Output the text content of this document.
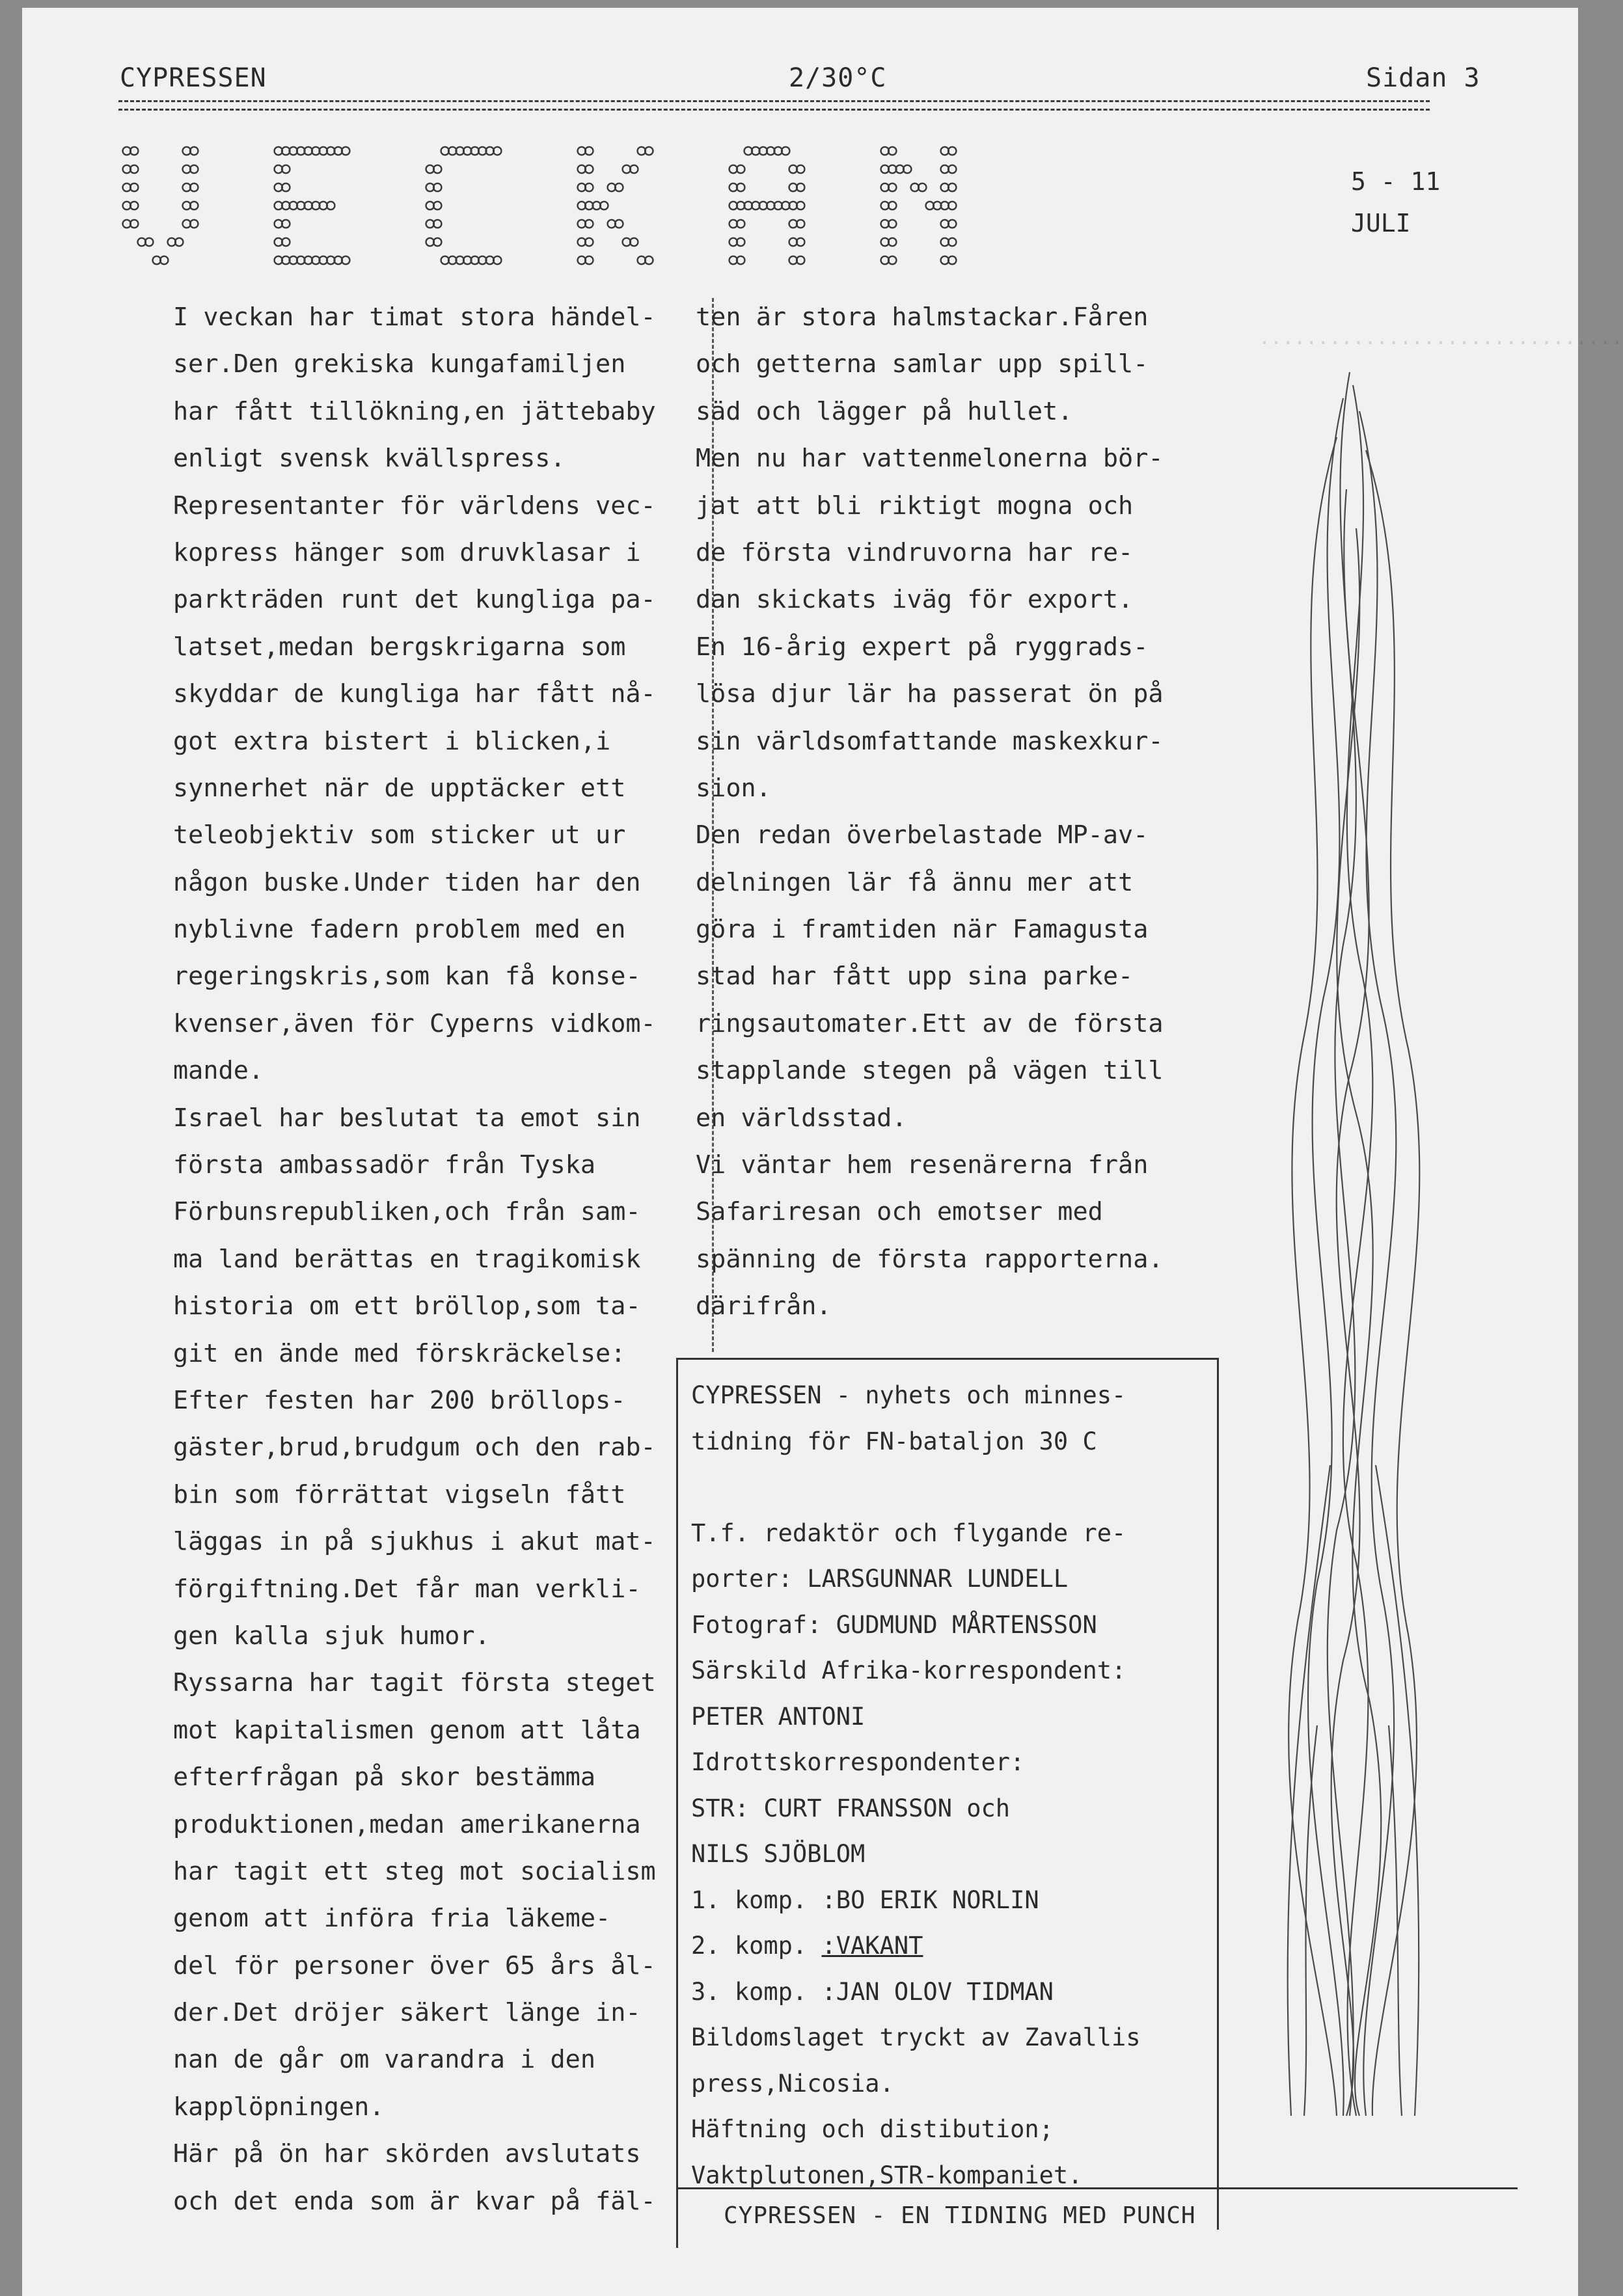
CYPRESSEN	2/30°C	Sidan 3
5 - 11
JULI
...............................

I veckan har timat stora händel-

ser.Den grekiska kungafamiljen

har fått tillökning,en jättebaby

enligt svensk kvällspress.

Representanter för världens vec-

kopress hänger som druvklasar i

parkträden runt det kungliga pa-

latset,medan bergskrigarna som

skyddar de kungliga har fått nå-

got extra bistert i blicken,i

synnerhet när de upptäcker ett

teleobjektiv som sticker ut ur

någon buske.Under tiden har den

nyblivne fadern problem med en

regeringskris,som kan få konse-

kvenser,även för Cyperns vidkom-

mande.

Israel har beslutat ta emot sin

första ambassadör från Tyska

Förbunsrepubliken,och från sam-

ma land berättas en tragikomisk

historia om ett bröllop,som ta-

git en ände med förskräckelse:

Efter festen har 200 bröllops-

gäster,brud,brudgum och den rab-

bin som förrättat vigseln fått

läggas in på sjukhus i akut mat-

förgiftning.Det får man verkli-

gen kalla sjuk humor.

Ryssarna har tagit första steget

mot kapitalismen genom att låta

efterfrågan på skor bestämma

produktionen,medan amerikanerna

har tagit ett steg mot socialism

genom att införa fria läkeme-

del för personer över 65 års ål-

der.Det dröjer säkert länge in-

nan de går om varandra i den

kapplöpningen.

Här på ön har skörden avslutats

och det enda som är kvar på fäl-

ten är stora halmstackar.Fåren

och getterna samlar upp spill-

säd och lägger på hullet.

Men nu har vattenmelonerna bör-

jat att bli riktigt mogna och

de första vindruvorna har re-

dan skickats iväg för export.

En 16-årig expert på ryggrads-

lösa djur lär ha passerat ön på

sin världsomfattande maskexkur-

sion.

Den redan överbelastade MP-av-

delningen lär få ännu mer att

göra i framtiden när Famagusta

stad har fått upp sina parke-

ringsautomater.Ett av de första

stapplande stegen på vägen till

en världsstad.

Vi väntar hem resenärerna från

Safariresan och emotser med

spänning de första rapporterna.

därifrån.

CYPRESSEN - nyhets och minnes-

tidning för FN-bataljon 30 C

T.f. redaktör och flygande re-

porter: LARSGUNNAR LUNDELL

Fotograf: GUDMUND MÅRTENSSON

Särskild Afrika-korrespondent:

PETER ANTONI

Idrottskorrespondenter:

STR: CURT FRANSSON och

NILS SJÖBLOM

1. komp. :BO ERIK NORLIN

2. komp. :VAKANT

3. komp. :JAN OLOV TIDMAN

Bildomslaget tryckt av Zavallis

press,Nicosia.

Häftning och distibution;

Vaktplutonen,STR-kompaniet.

CYPRESSEN - EN TIDNING MED PUNCH
